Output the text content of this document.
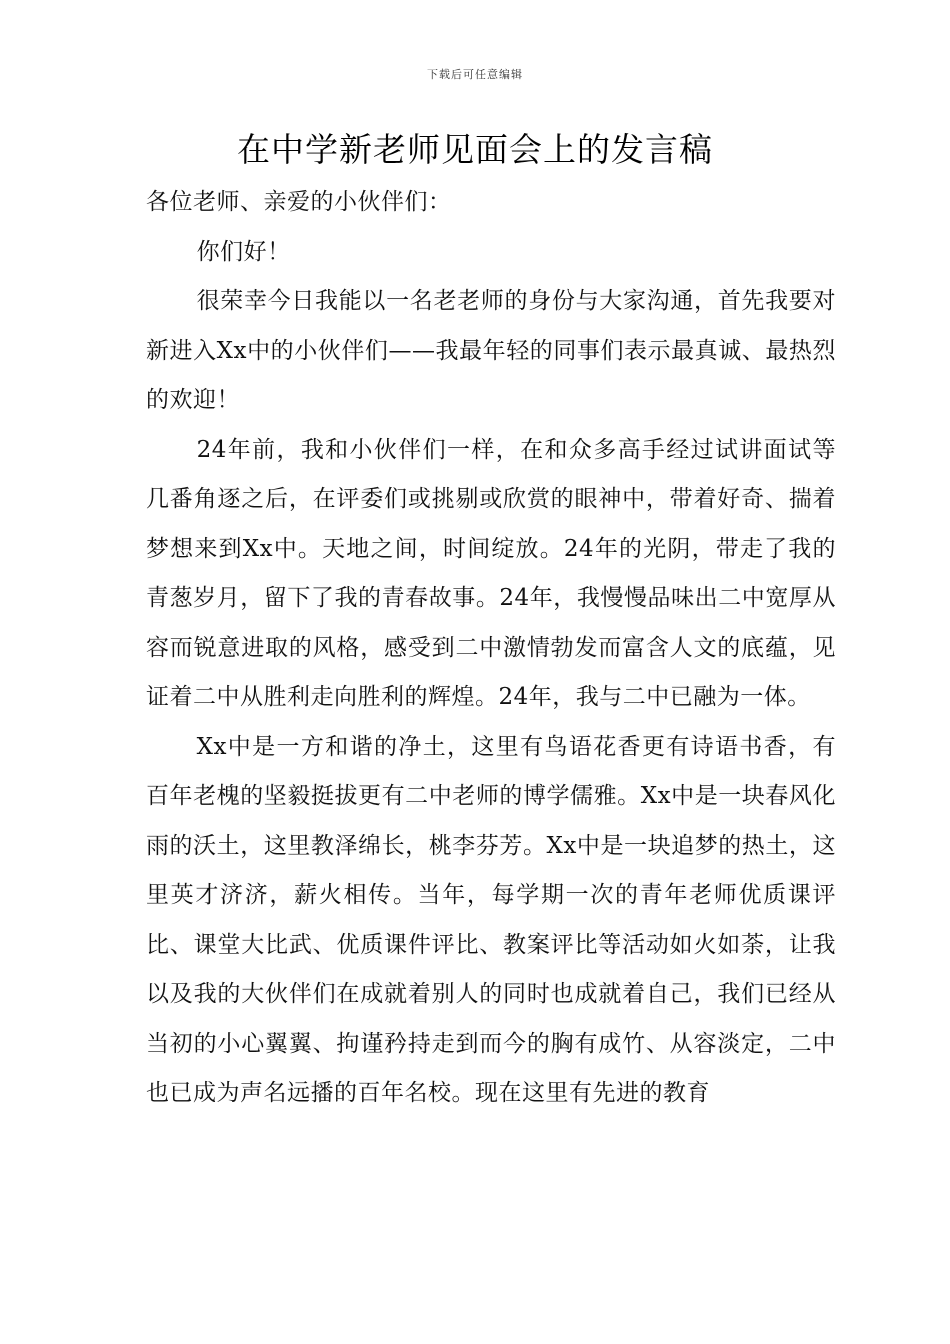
下载后可任意编辑
在中学新老师见面会上的发言稿

各位老师、亲爱的小伙伴们：

你们好！

很荣幸今日我能以一名老老师的身份与大家沟通，首先我要对新进入Xx中的小伙伴们——我最年轻的同事们表示最真诚、最热烈的欢迎！

24年前，我和小伙伴们一样，在和众多高手经过试讲面试等几番角逐之后，在评委们或挑剔或欣赏的眼神中，带着好奇、揣着梦想来到Xx中。天地之间，时间绽放。24年的光阴，带走了我的青葱岁月，留下了我的青春故事。24年，我慢慢品味出二中宽厚从容而锐意进取的风格，感受到二中激情勃发而富含人文的底蕴，见证着二中从胜利走向胜利的辉煌。24年，我与二中已融为一体。

Xx中是一方和谐的净土，这里有鸟语花香更有诗语书香，有百年老槐的坚毅挺拔更有二中老师的博学儒雅。Xx中是一块春风化雨的沃土，这里教泽绵长，桃李芬芳。Xx中是一块追梦的热土，这里英才济济，薪火相传。当年，每学期一次的青年老师优质课评比、课堂大比武、优质课件评比、教案评比等活动如火如荼，让我以及我的大伙伴们在成就着别人的同时也成就着自己，我们已经从当初的小心翼翼、拘谨矜持走到而今的胸有成竹、从容淡定，二中也已成为声名远播的百年名校。现在这里有先进的教育
